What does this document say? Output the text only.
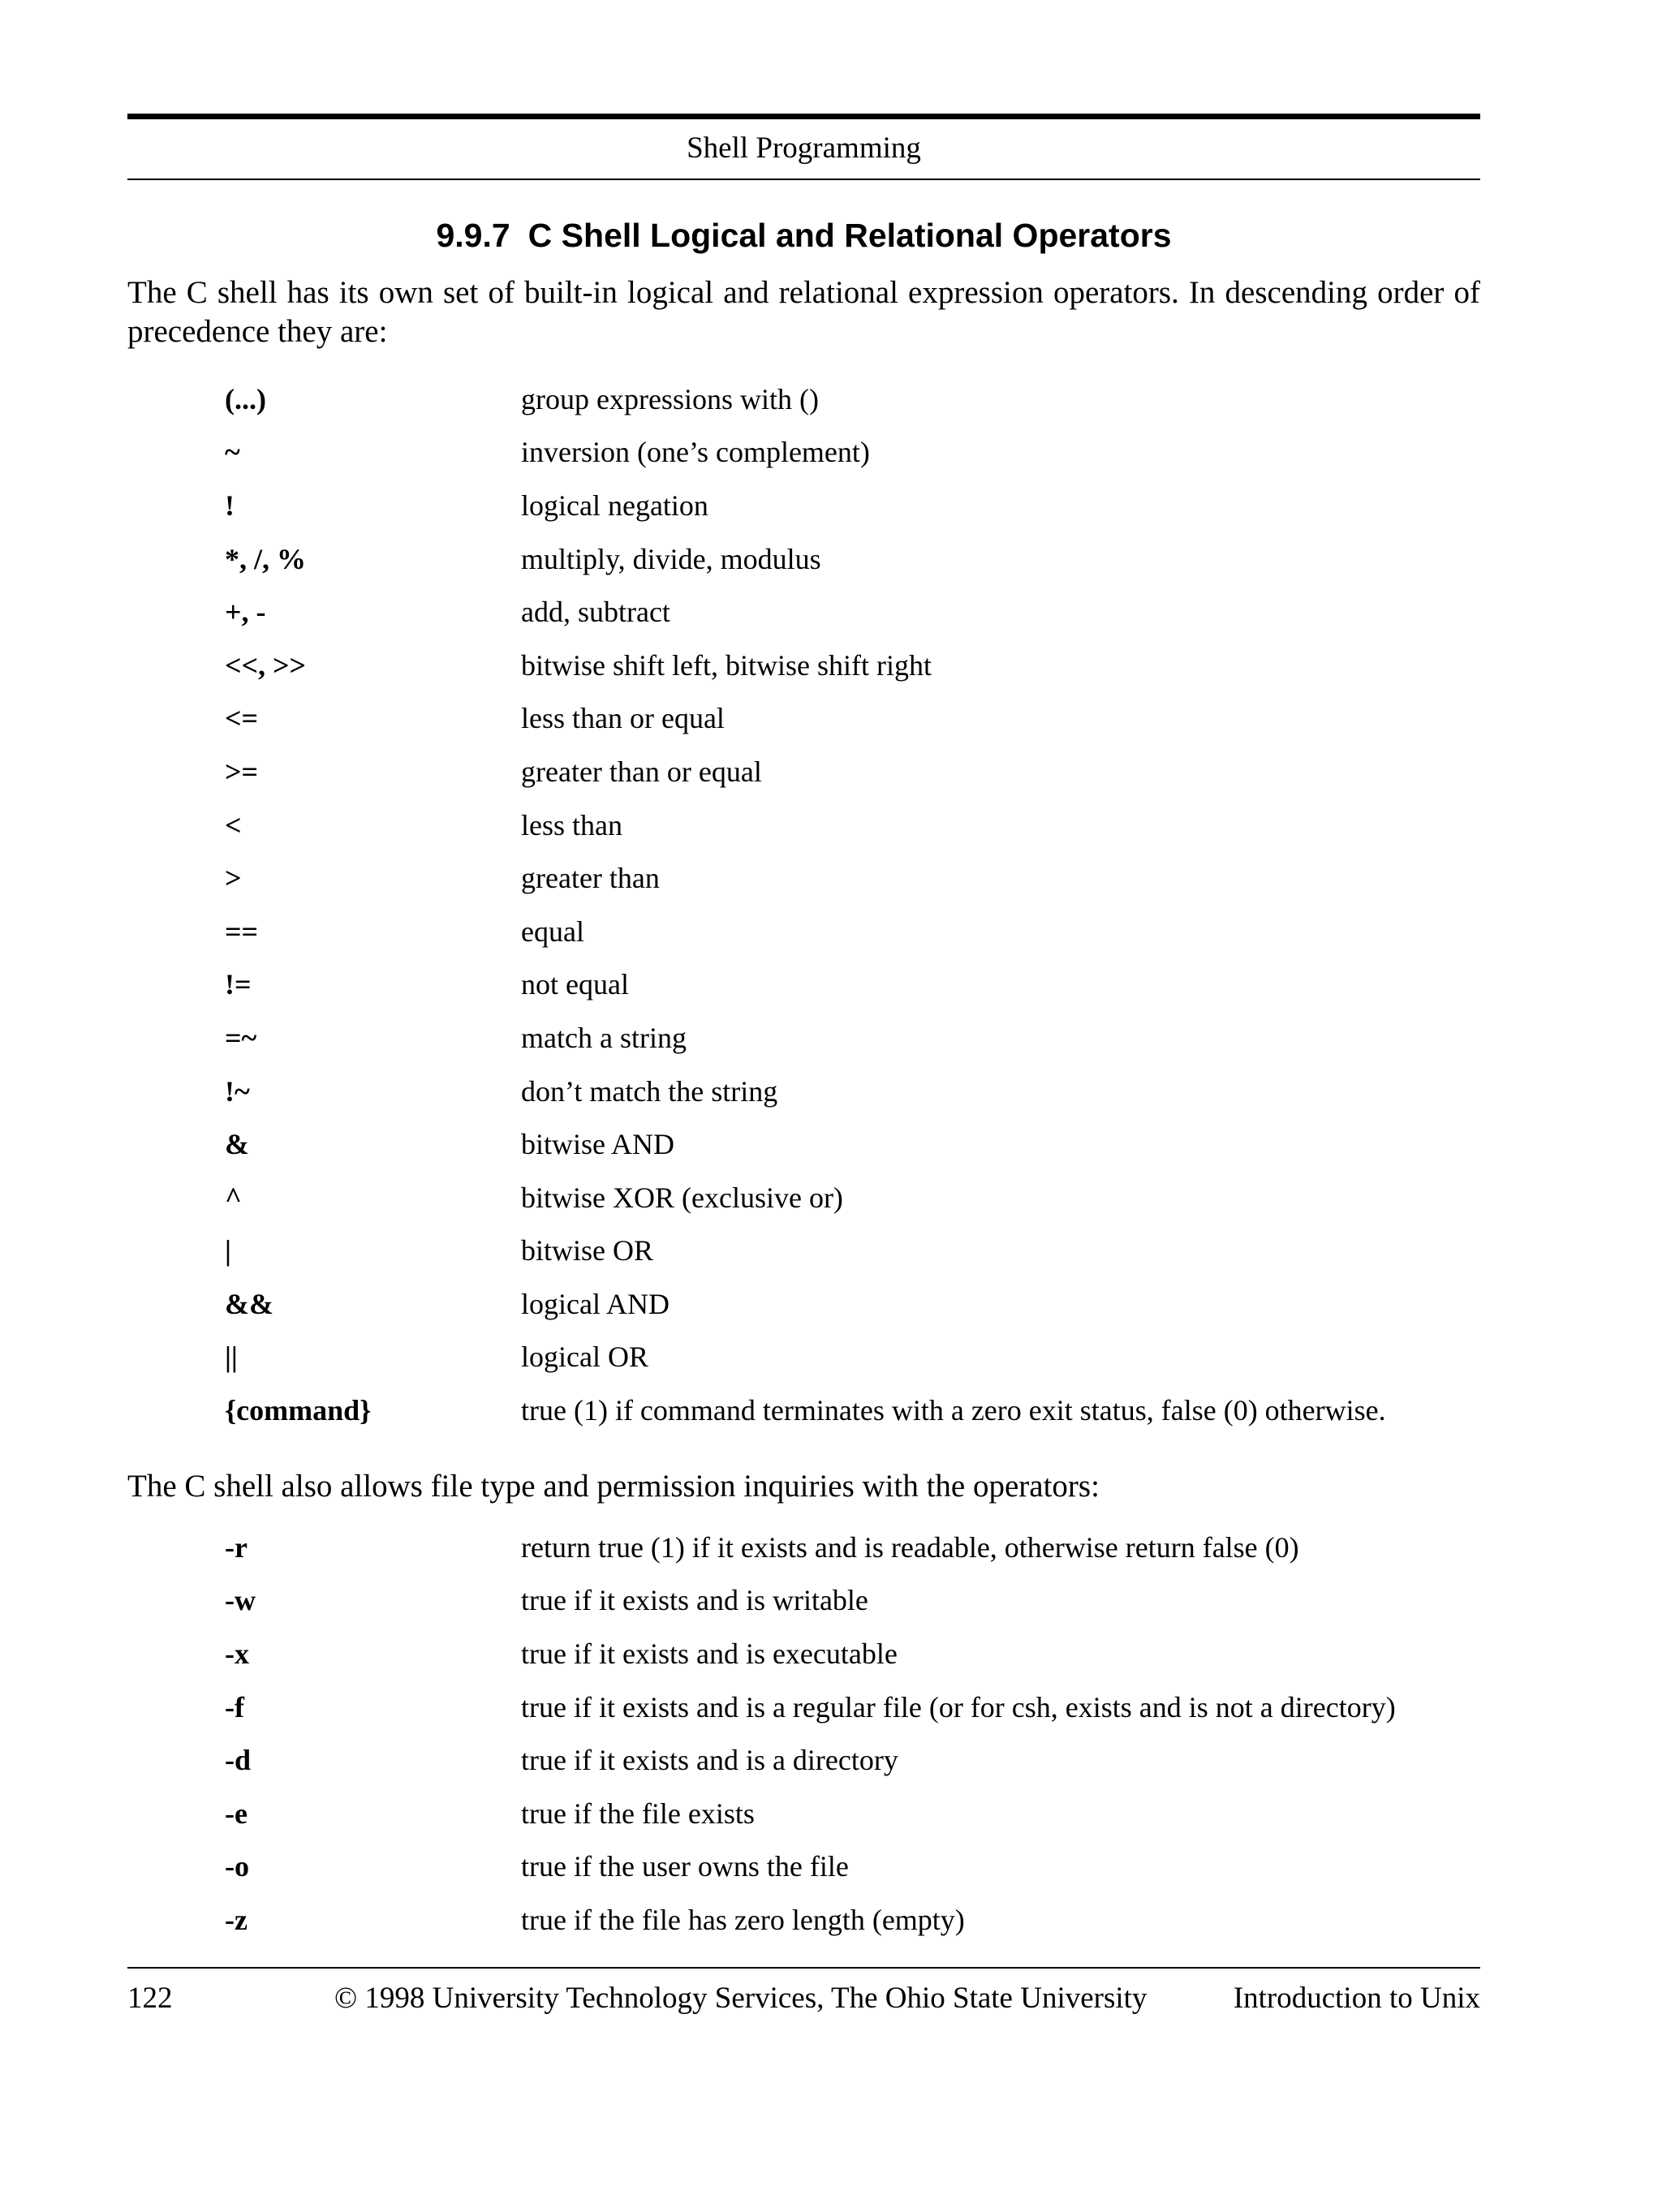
Shell Programming
9.9.7 C Shell Logical and Relational Operators

The C shell has its own set of built-in logical and relational expression operators. In descending order of precedence they are:

(...)	group expressions with ()
~	inversion (one’s complement)
!	logical negation
*, /, %	multiply, divide, modulus
+, -	add, subtract
<<, >>	bitwise shift left, bitwise shift right
<=	less than or equal
>=	greater than or equal
<	less than
>	greater than
==	equal
!=	not equal
=~	match a string
!~	don’t match the string
&	bitwise AND
^	bitwise XOR (exclusive or)
|	bitwise OR
&&	logical AND
||	logical OR
{command}	true (1) if command terminates with a zero exit status, false (0) otherwise.

The C shell also allows file type and permission inquiries with the operators:

-r	return true (1) if it exists and is readable, otherwise return false (0)
-w	true if it exists and is writable
-x	true if it exists and is executable
-f	true if it exists and is a regular file (or for csh, exists and is not a directory)
-d	true if it exists and is a directory
-e	true if the file exists
-o	true if the user owns the file
-z	true if the file has zero length (empty)
122	© 1998 University Technology Services, The Ohio State University	Introduction to Unix
